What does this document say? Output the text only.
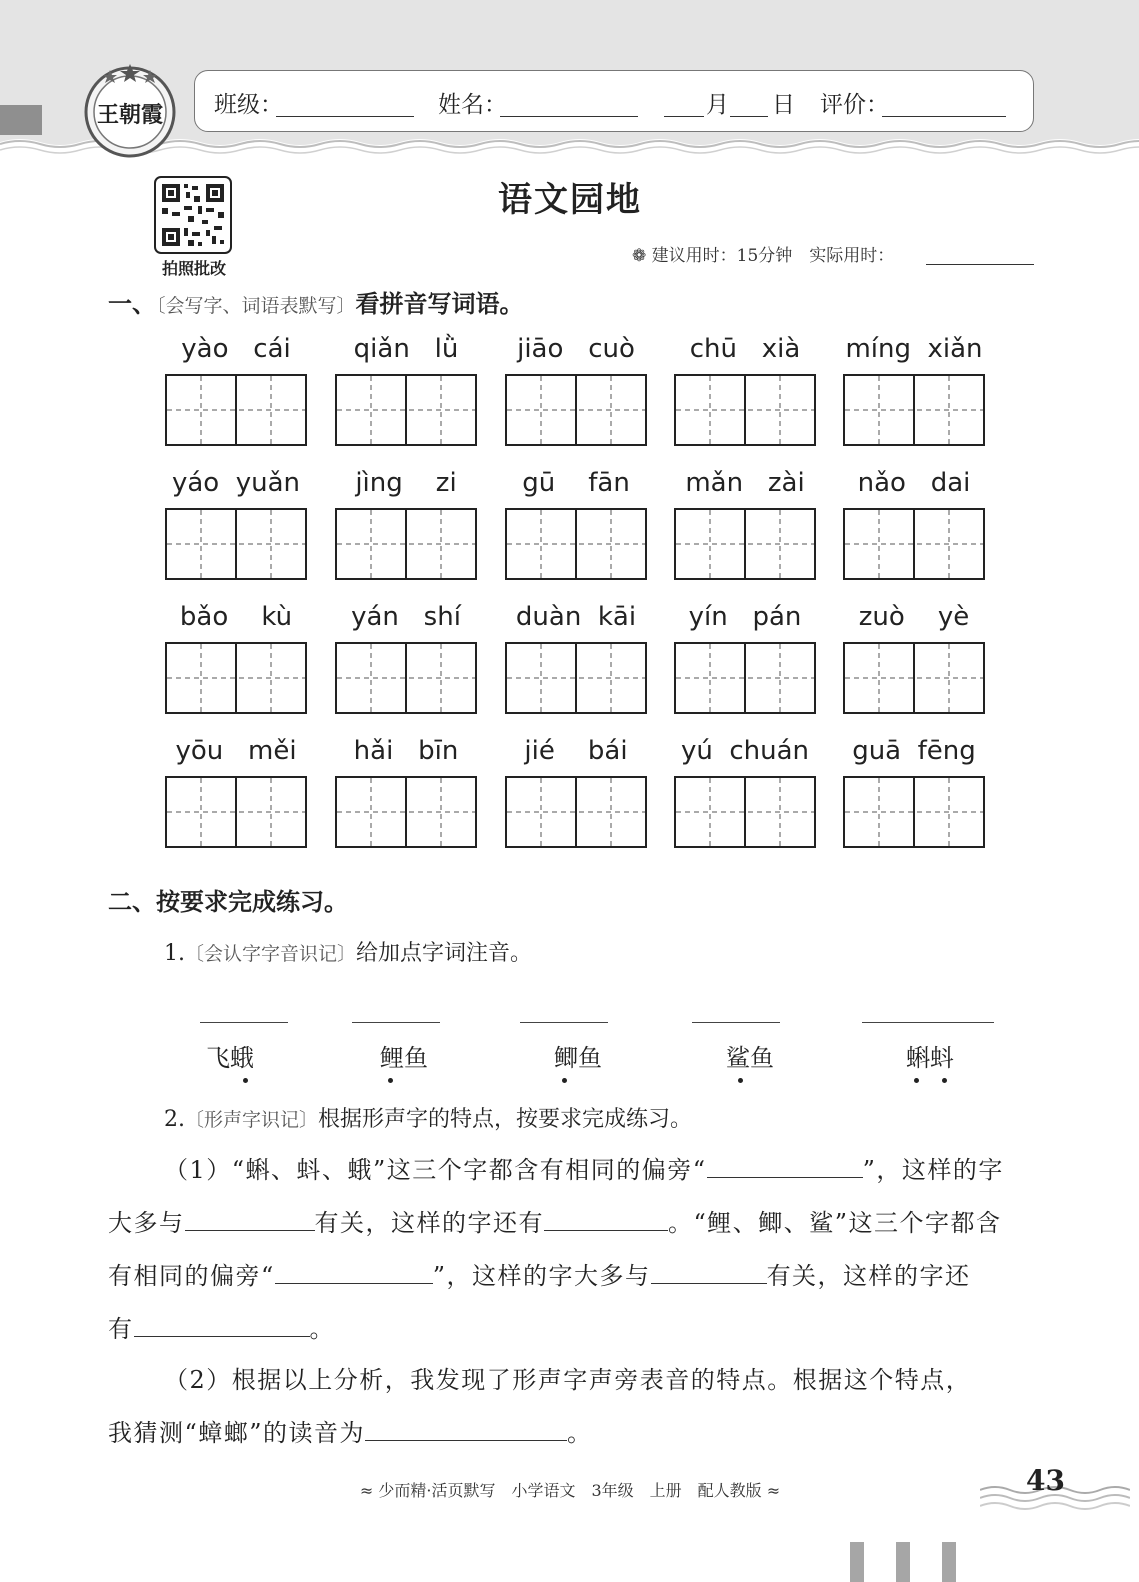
王朝霞 班级：	姓名：	月 日 评价：
拍照批改
语文园地
❁ 建议用时：15分钟　实际用时：
一、〔会写字、词语表默写〕看拼音写词语。
yào   cái	qiǎn   lǜ	jiāo   cuò	chū   xià	míng  xiǎn
yáo  yuǎn	jìng    zi	gū    fān	mǎn   zài	nǎo   dai
bǎo    kù	yán   shí	duàn  kāi	yín   pán	zuò    yè
yōu   měi	hǎi   bīn	jié    bái	yú  chuán	guā  fēng
二、按要求完成练习。
1.〔会认字字音识记〕给加点字词注音。
飞蛾	鲤鱼	鲫鱼	鲨鱼	蝌蚪
2.〔形声字识记〕根据形声字的特点，按要求完成练习。
（1）“蝌、蚪、蛾”这三个字都含有相同的偏旁“	”，这样的字
大多与	有关，这样的字还有	。“鲤、鲫、鲨”这三个字都含
有相同的偏旁“	”，这样的字大多与	有关，这样的字还
有	。
（2）根据以上分析，我发现了形声字声旁表音的特点。根据这个特点，
我猜测“蟑螂”的读音为	。
≈ 少而精·活页默写　小学语文　3年级　上册　配人教版 ≈	43
